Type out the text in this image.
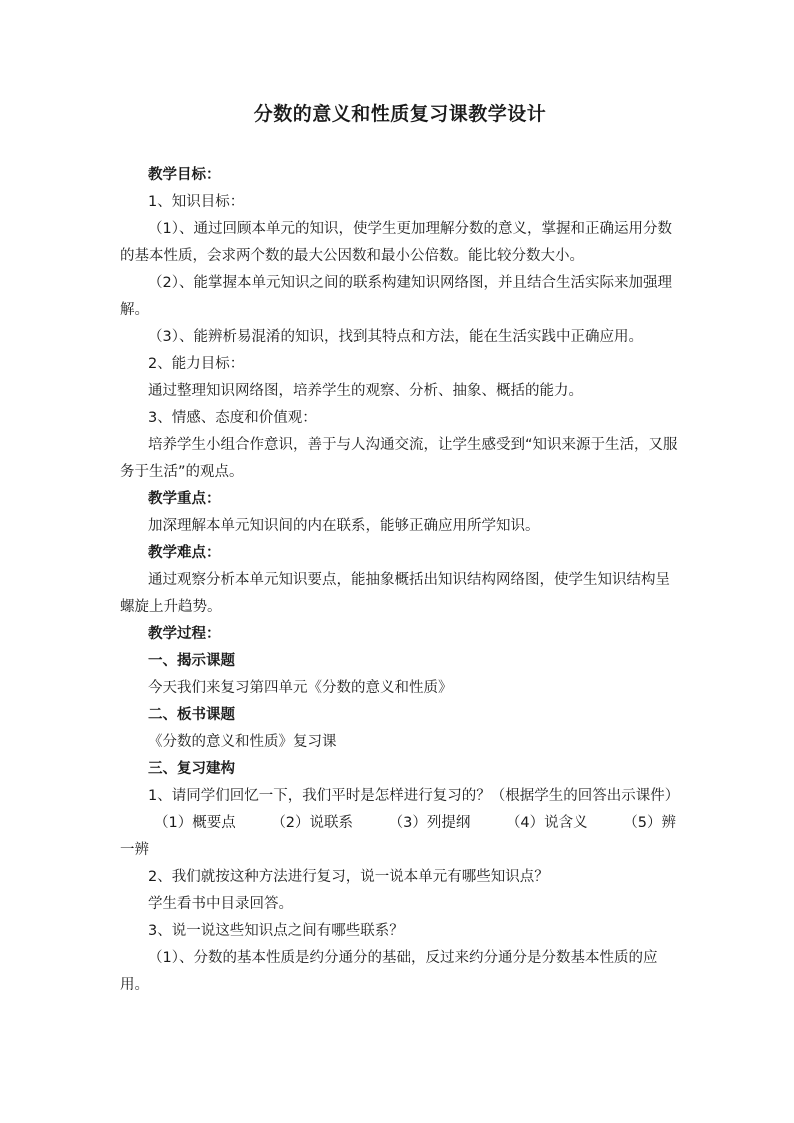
分数的意义和性质复习课教学设计

教学目标：

1、知识目标：

（1）、通过回顾本单元的知识，使学生更加理解分数的意义，掌握和正确运用分数的基本性质，会求两个数的最大公因数和最小公倍数。能比较分数大小。

（2）、能掌握本单元知识之间的联系构建知识网络图，并且结合生活实际来加强理解。

（3）、能辨析易混淆的知识，找到其特点和方法，能在生活实践中正确应用。

2、能力目标：

通过整理知识网络图，培养学生的观察、分析、抽象、概括的能力。

3、情感、态度和价值观：

培养学生小组合作意识，善于与人沟通交流，让学生感受到“知识来源于生活，又服务于生活”的观点。

教学重点：

加深理解本单元知识间的内在联系，能够正确应用所学知识。

教学难点：

通过观察分析本单元知识要点，能抽象概括出知识结构网络图，使学生知识结构呈螺旋上升趋势。

教学过程：

一、揭示课题

今天我们来复习第四单元《分数的意义和性质》

二、板书课题

《分数的意义和性质》复习课

三、复习建构

1、请同学们回忆一下，我们平时是怎样进行复习的？（根据学生的回答出示课件）

（1）概要点 （2）说联系 （3）列提纲 （4）说含义 （5）辨

一辨

2、我们就按这种方法进行复习，说一说本单元有哪些知识点？

学生看书中目录回答。

3、说一说这些知识点之间有哪些联系？

（1）、分数的基本性质是约分通分的基础，反过来约分通分是分数基本性质的应用。
